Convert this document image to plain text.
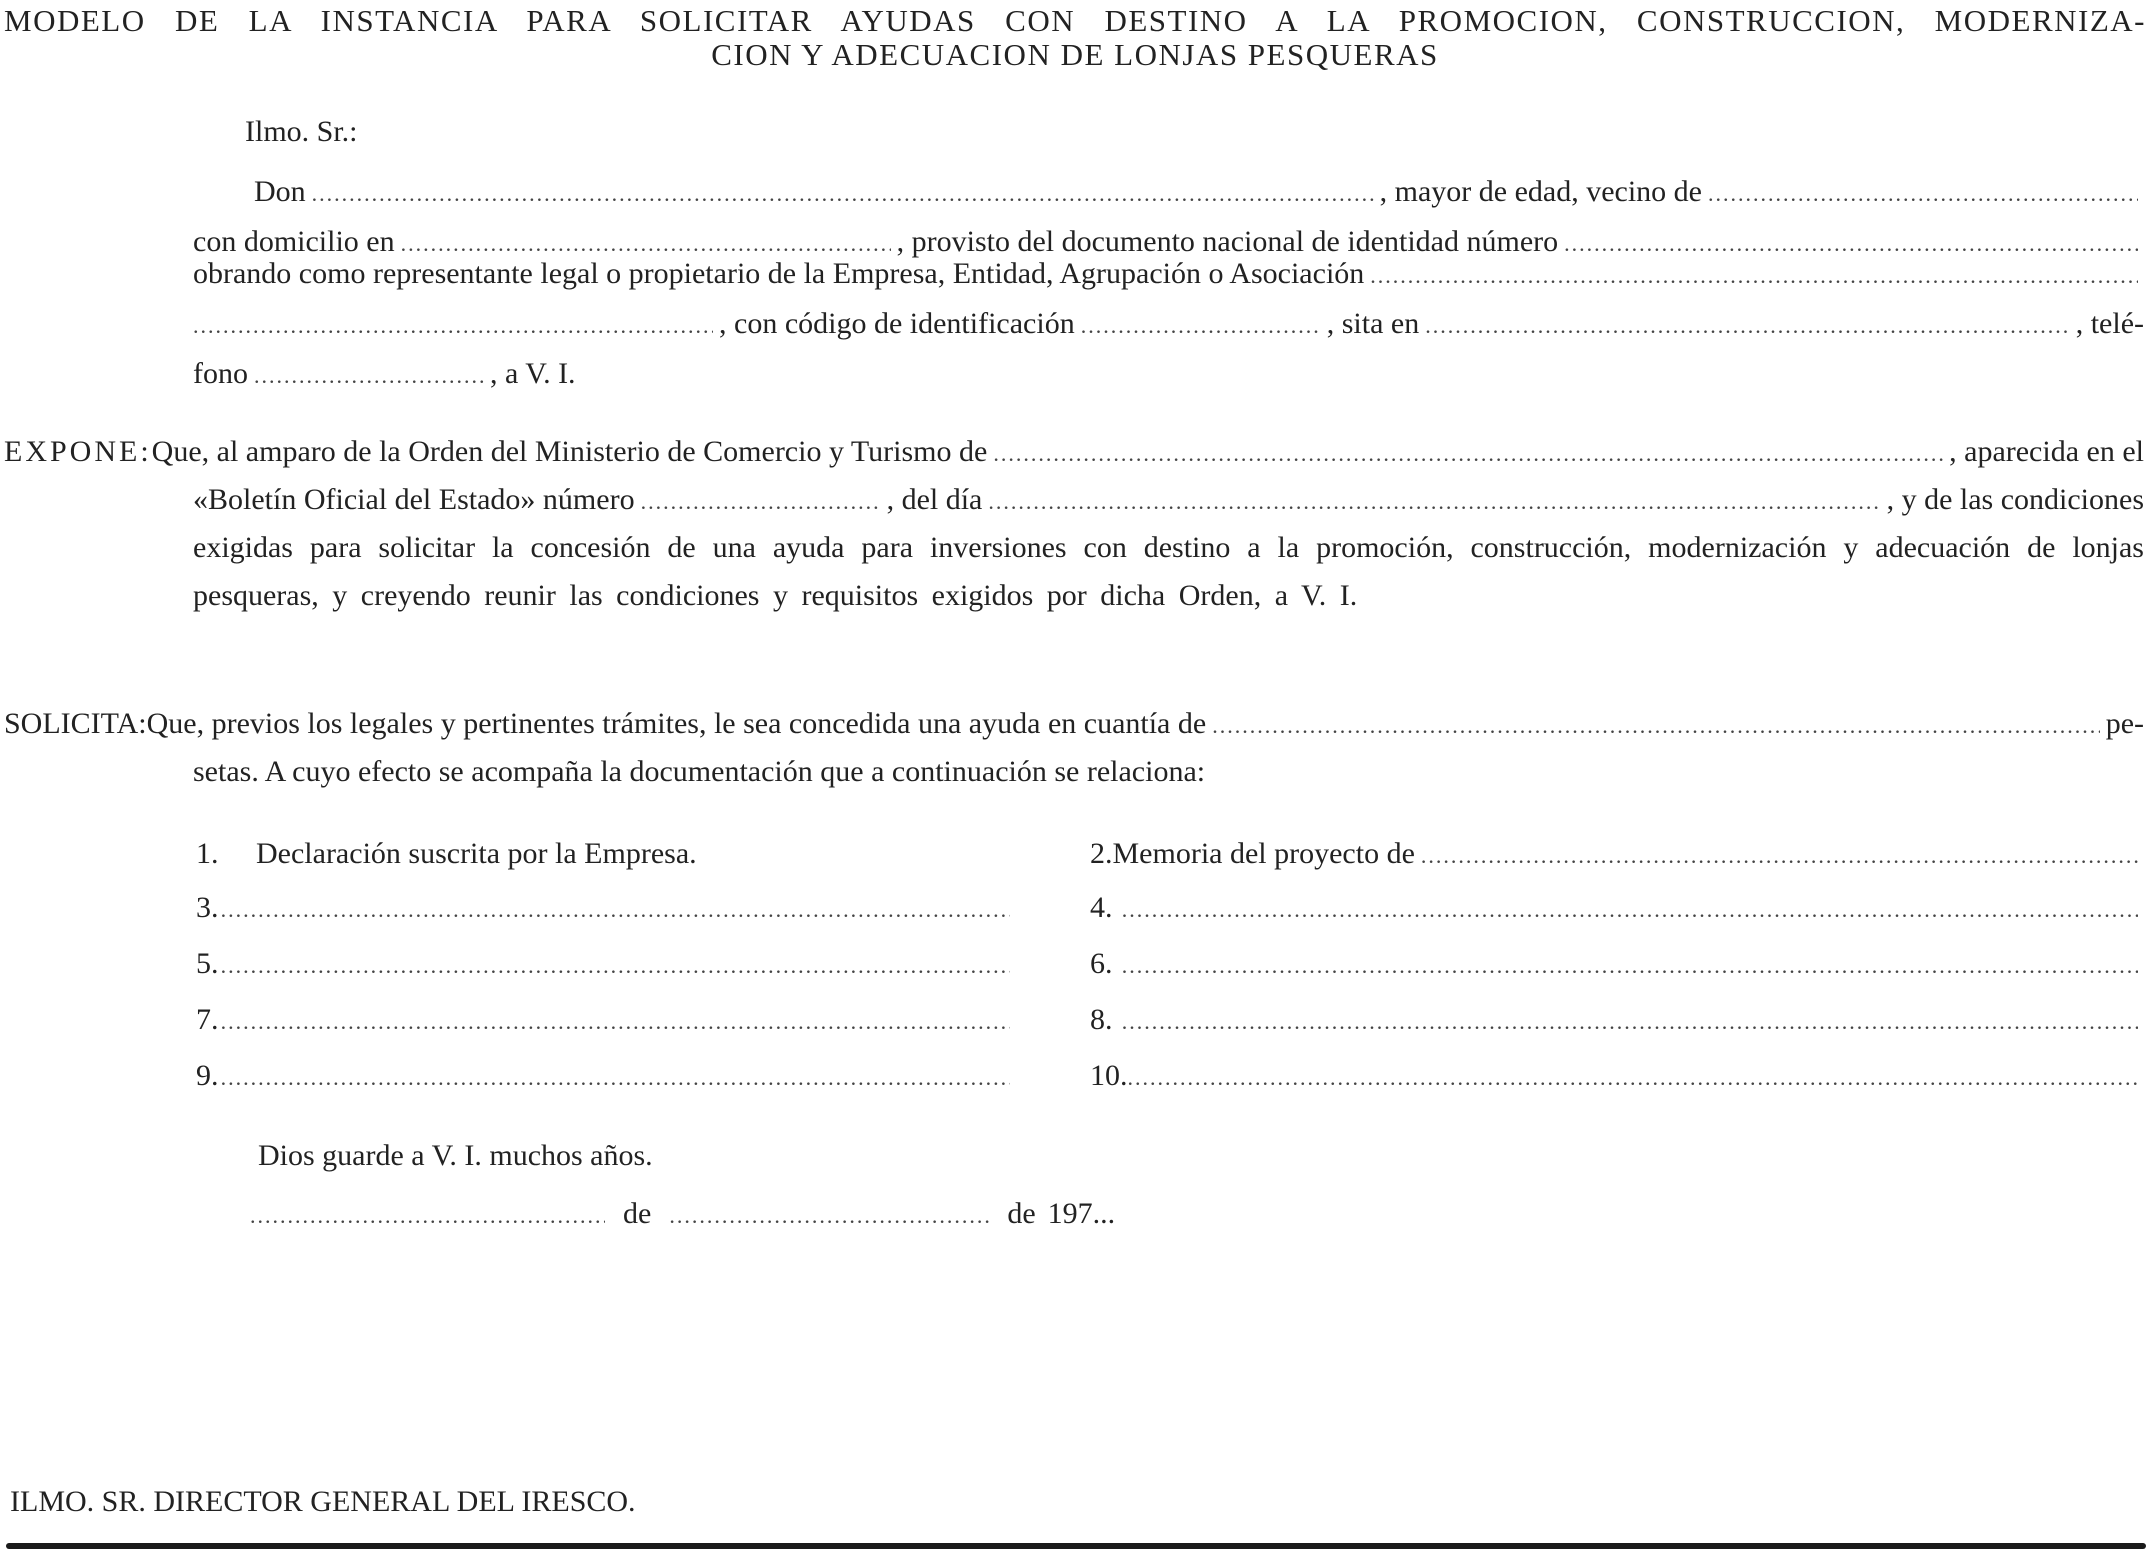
MODELO DE LA INSTANCIA PARA SOLICITAR AYUDAS CON DESTINO A LA PROMOCION, CONSTRUCCION, MODERNIZA-
CION Y ADECUACION DE LONJAS PESQUERAS
Ilmo. Sr.:
Don .....	, mayor de edad, vecino de
.....
con domicilio en .....	, provisto del documento nacional de identidad número
.....
obrando como representante legal o propietario de la Empresa, Entidad, Agrupación o Asociación
.....
.....
, con código de identificación .....	, sita en .....	, telé-
fono .....	, a V. I.
EXPONE: Que, al amparo de la Orden del Ministerio de Comercio y Turismo de .....	, aparecida en el
«Boletín Oficial del Estado» número .....	, del día .....	, y de las condiciones
exigidas para solicitar la concesión de una ayuda para inversiones con destino a la promoción, construcción, modernización y adecuación de lonjas pesqueras, y creyendo reunir las condiciones y requisitos exigidos por dicha Orden, a V. I.
SOLICITA: Que, previos los legales y pertinentes trámites, le sea concedida una ayuda en cuantía de .....	pe-
setas. A cuyo efecto se acompaña la documentación que a continuación se relaciona:
1.	Declaración suscrita por la Empresa.	2. Memoria del proyecto de
.....
3. .....	4.
.....
5. .....	6.
.....
7. .....	8.
.....
9. .....	10.
.....
Dios guarde a V. I. muchos años.
.....
de .....	de 197...
ILMO. SR. DIRECTOR GENERAL DEL IRESCO.
